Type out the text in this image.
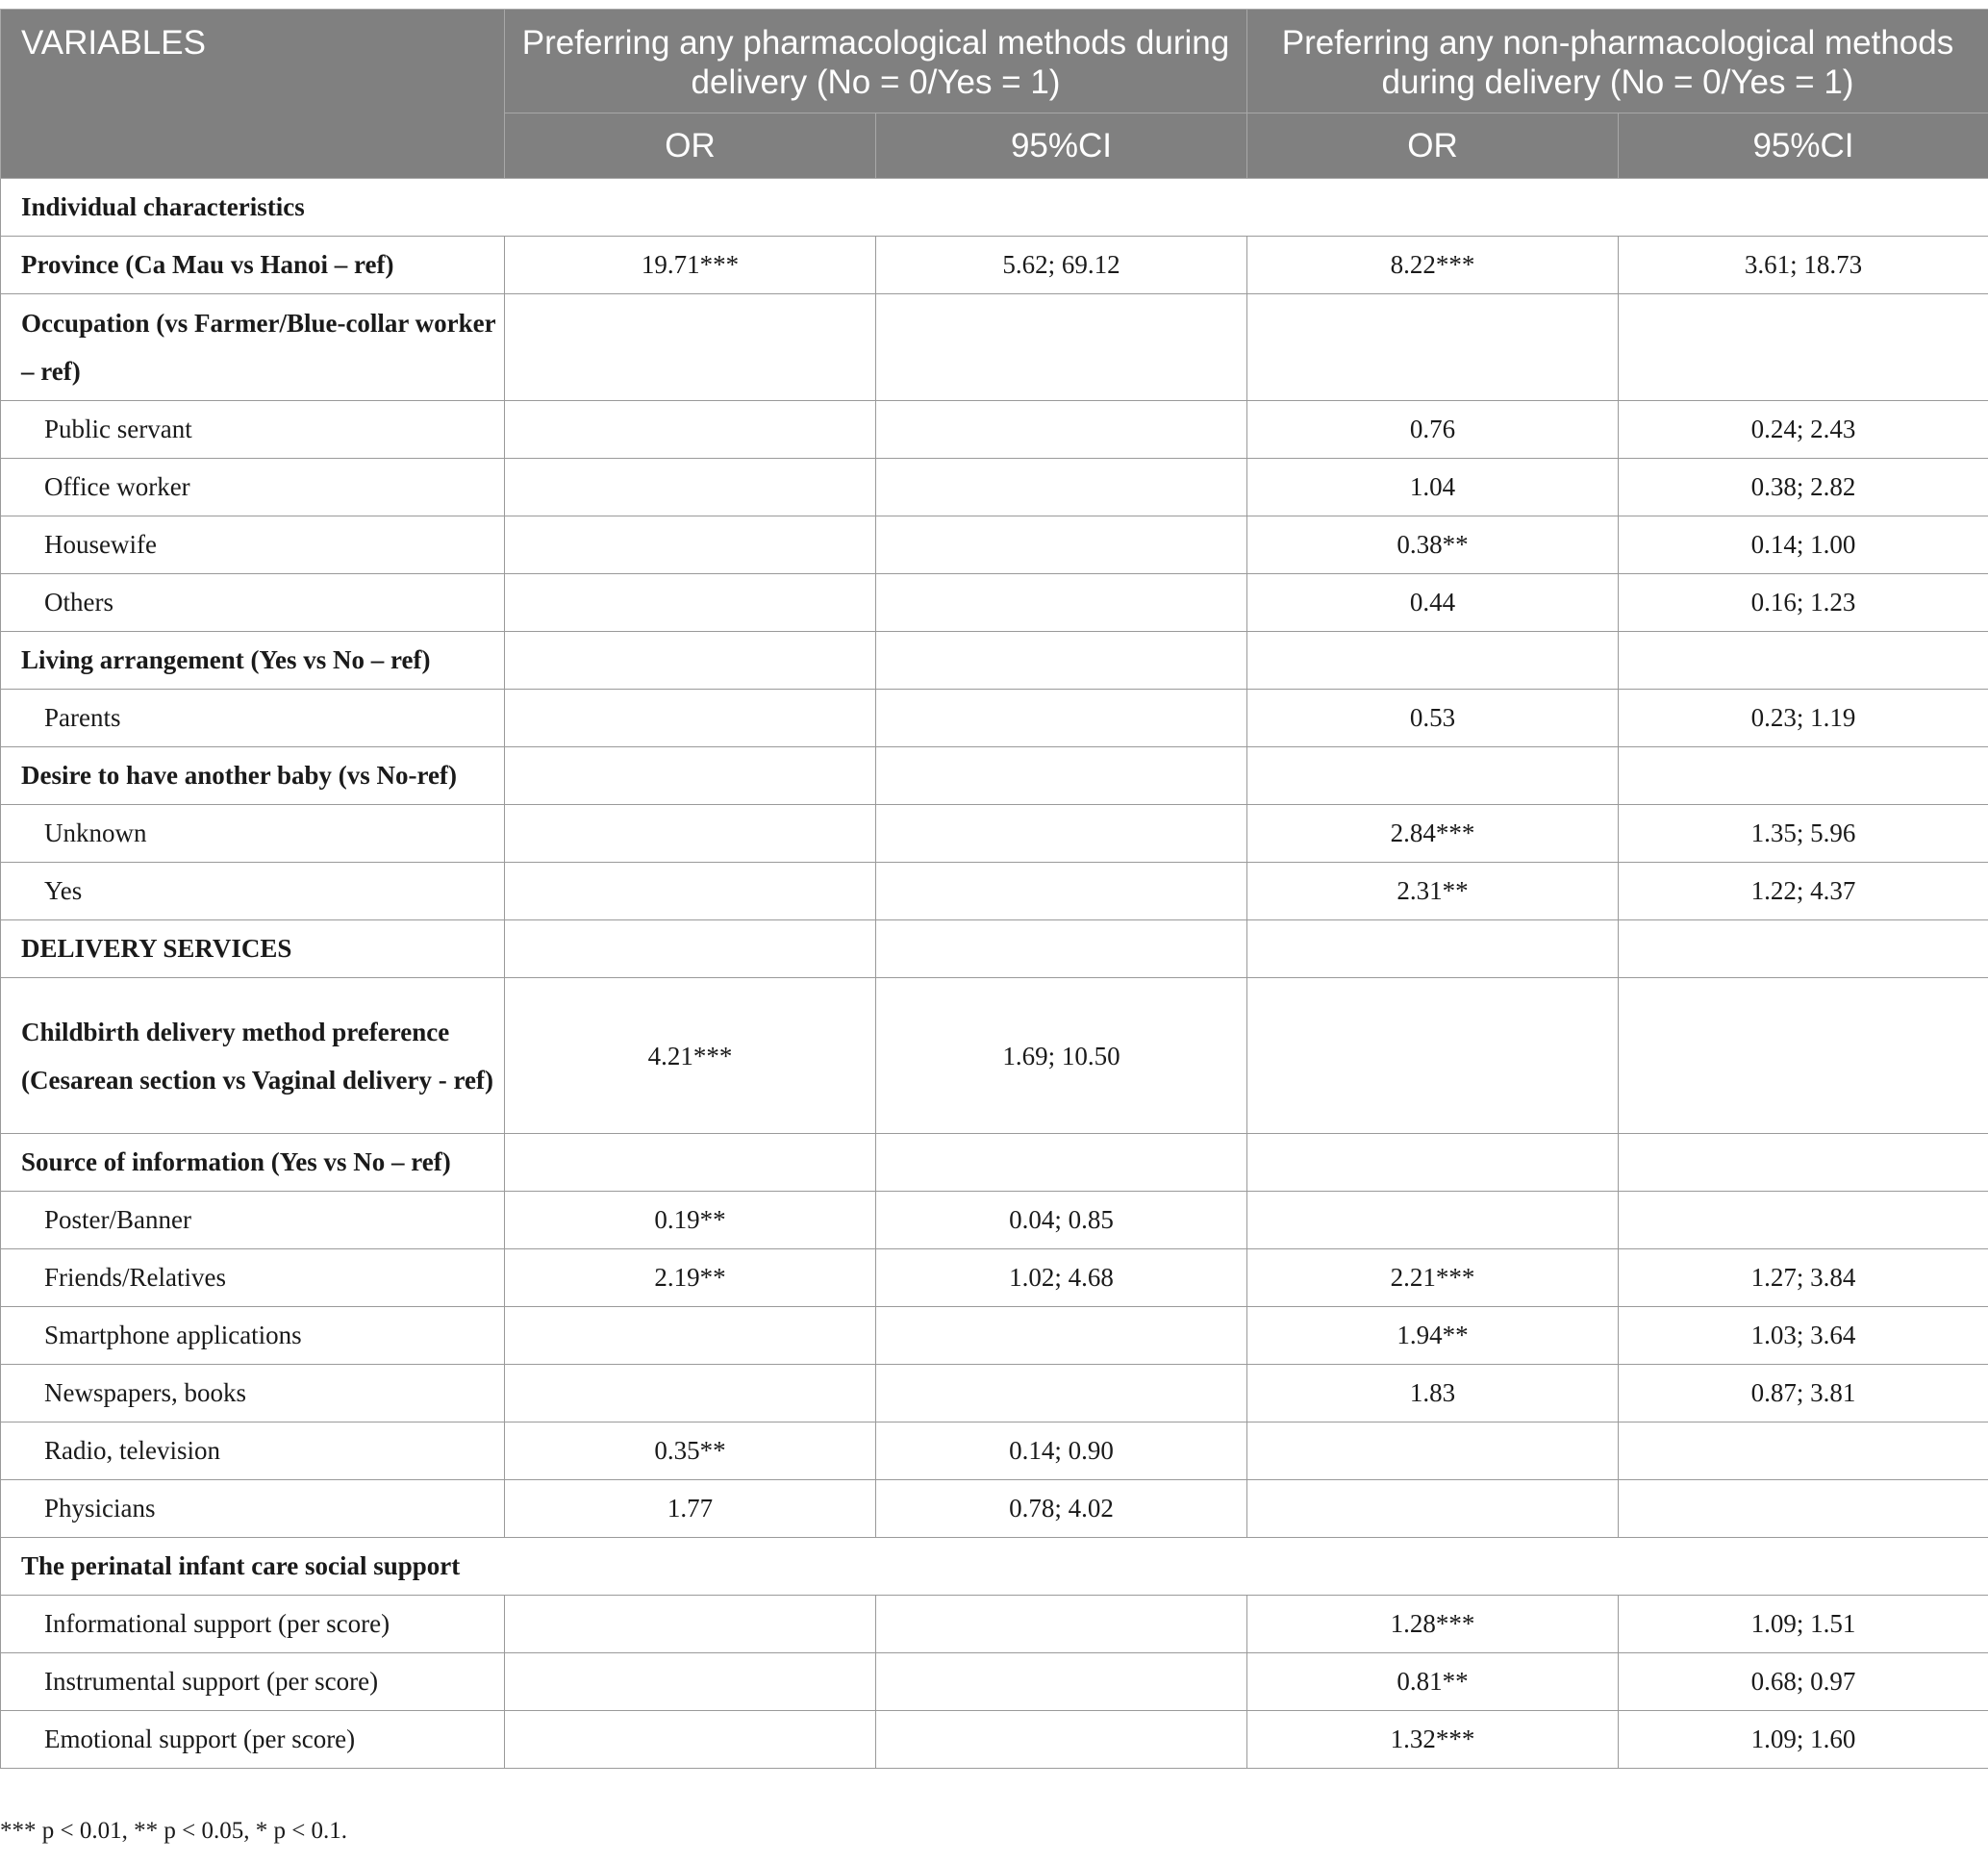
VARIABLES	Preferring any pharmacological methods during delivery (No = 0/Yes = 1)		Preferring any non-pharmacological methods during delivery (No = 0/Yes = 1)	
	OR	95%CI	OR	95%CI
Individual characteristics				
Province (Ca Mau vs Hanoi – ref)	19.71***	5.62; 69.12	8.22***	3.61; 18.73
Occupation (vs Farmer/Blue-collar worker – ref)				
Public servant			0.76	0.24; 2.43
Office worker			1.04	0.38; 2.82
Housewife			0.38**	0.14; 1.00
Others			0.44	0.16; 1.23
Living arrangement (Yes vs No – ref)				
Parents			0.53	0.23; 1.19
Desire to have another baby (vs No-ref)				
Unknown			2.84***	1.35; 5.96
Yes			2.31**	1.22; 4.37
DELIVERY SERVICES				
Childbirth delivery method preference (Cesarean section vs Vaginal delivery - ref)	4.21***	1.69; 10.50		
Source of information (Yes vs No – ref)				
Poster/Banner	0.19**	0.04; 0.85		
Friends/Relatives	2.19**	1.02; 4.68	2.21***	1.27; 3.84
Smartphone applications			1.94**	1.03; 3.64
Newspapers, books			1.83	0.87; 3.81
Radio, television	0.35**	0.14; 0.90		
Physicians	1.77	0.78; 4.02		
The perinatal infant care social support				
Informational support (per score)			1.28***	1.09; 1.51
Instrumental support (per score)			0.81**	0.68; 0.97
Emotional support (per score)			1.32***	1.09; 1.60
*** p < 0.01, ** p < 0.05, * p < 0.1.
